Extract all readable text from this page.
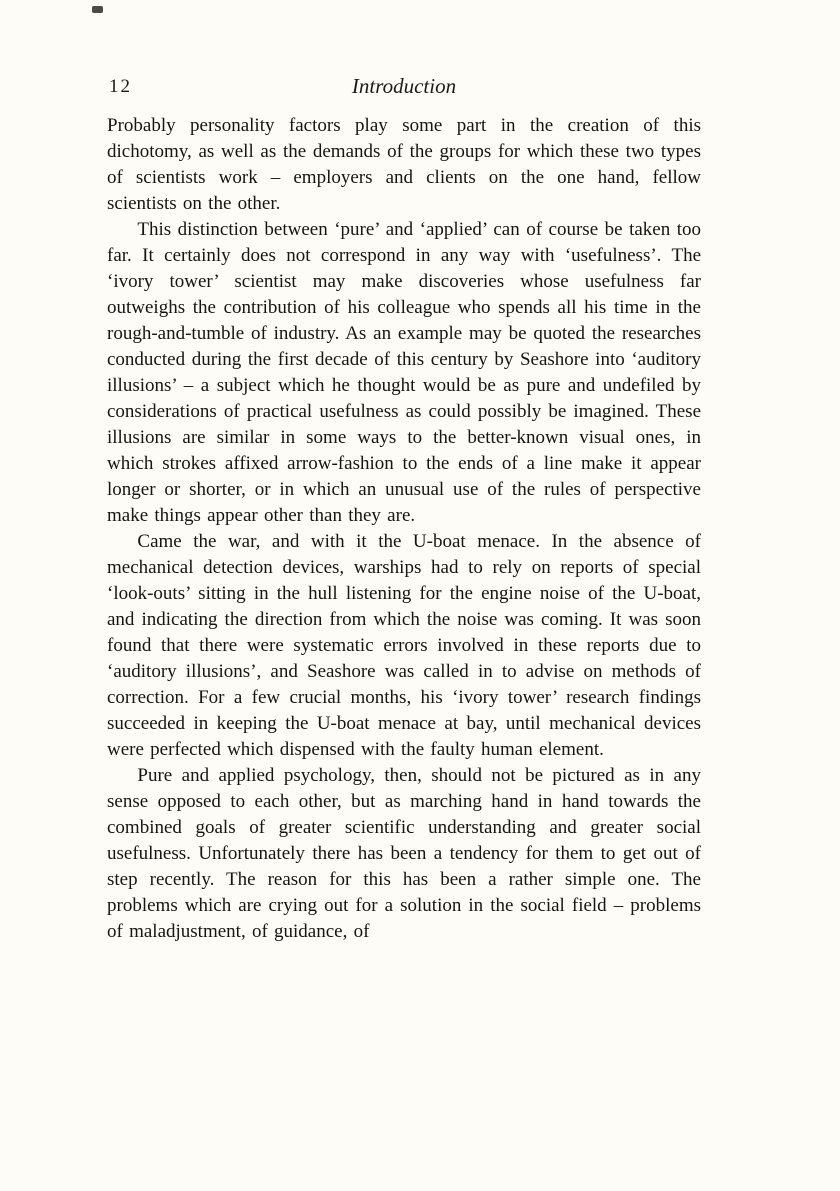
12	Introduction

Probably personality factors play some part in the creation of this dichotomy, as well as the demands of the groups for which these two types of scientists work – employers and clients on the one hand, fellow scientists on the other.

This distinction between ‘pure’ and ‘applied’ can of course be taken too far. It certainly does not correspond in any way with ‘usefulness’. The ‘ivory tower’ scientist may make discoveries whose usefulness far outweighs the contribution of his colleague who spends all his time in the rough-and-tumble of industry. As an example may be quoted the researches conducted during the first decade of this century by Seashore into ‘auditory illusions’ – a subject which he thought would be as pure and undefiled by considerations of practical usefulness as could possibly be imagined. These illusions are similar in some ways to the better-known visual ones, in which strokes affixed arrow-fashion to the ends of a line make it appear longer or shorter, or in which an unusual use of the rules of perspective make things appear other than they are.

Came the war, and with it the U-boat menace. In the absence of mechanical detection devices, warships had to rely on reports of special ‘look-outs’ sitting in the hull listening for the engine noise of the U-boat, and indicating the direction from which the noise was coming. It was soon found that there were systematic errors involved in these reports due to ‘auditory illusions’, and Seashore was called in to advise on methods of correction. For a few crucial months, his ‘ivory tower’ research findings succeeded in keeping the U-boat menace at bay, until mechanical devices were perfected which dispensed with the faulty human element.

Pure and applied psychology, then, should not be pictured as in any sense opposed to each other, but as marching hand in hand towards the combined goals of greater scientific understanding and greater social usefulness. Unfortunately there has been a tendency for them to get out of step recently. The reason for this has been a rather simple one. The problems which are crying out for a solution in the social field – problems of maladjustment, of guidance, of
